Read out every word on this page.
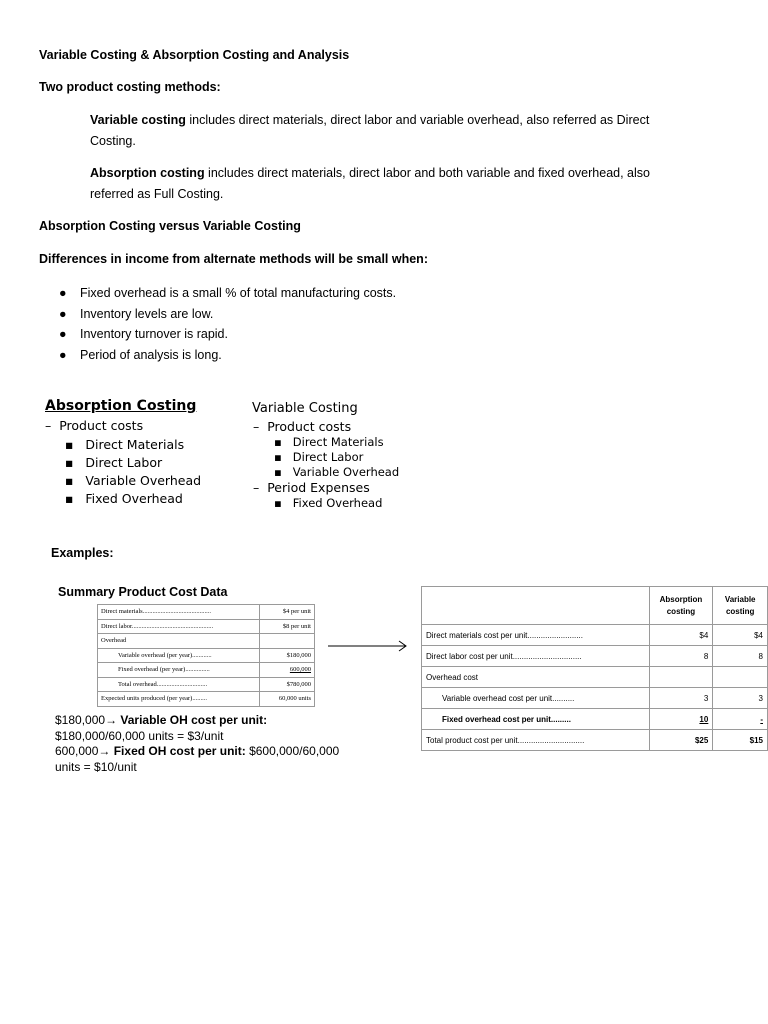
Variable Costing & Absorption Costing and Analysis
Two product costing methods:
Variable costing includes direct materials, direct labor and variable overhead, also referred as Direct
Costing.
Absorption costing includes direct materials, direct labor and both variable and fixed overhead, also
referred as Full Costing.
Absorption Costing versus Variable Costing
Differences in income from alternate methods will be small when:
● Fixed overhead is a small % of total manufacturing costs.
● Inventory levels are low.
● Inventory turnover is rapid.
● Period of analysis is long.
Absorption Costing
– Product costs
▪ Direct Materials
▪ Direct Labor
▪ Variable Overhead
▪ Fixed Overhead
Variable Costing
– Product costs
▪ Direct Materials
▪ Direct Labor
▪ Variable Overhead
– Period Expenses
▪ Fixed Overhead
Examples:
Summary Product Cost Data
Direct materials..........................................	$4 per unit
Direct labor..................................................	$8 per unit
Overhead	
Variable overhead (per year)............	$180,000
Fixed overhead (per year)...............	600,000
Total overhead...............................	$780,000
Expected units produced (per year).........	60,000 units
$180,000→ Variable OH cost per unit:
$180,000/60,000 units = $3/unit
600,000→ Fixed OH cost per unit: $600,000/60,000
units = $10/unit
	Absorption costing	Variable costing
Direct materials cost per unit.........................	$4	$4
Direct labor cost per unit...............................	8	8
Overhead cost		
Variable overhead cost per unit..........	3	3
Fixed overhead cost per unit.........	10	-
Total product cost per unit..............................	$25	$15
